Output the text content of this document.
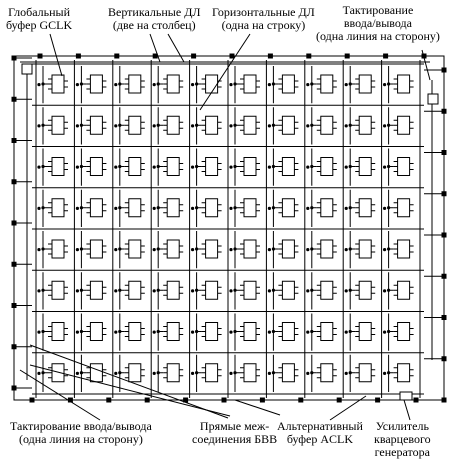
Глобальный
буфер GCLK
Вертикальные ДЛ
(две на столбец)
Горизонтальные ДЛ
(одна на строку)
Тактирование
ввода/вывода
(одна линия на сторону)
Тактирование ввода/вывода
(одна линия на сторону)
Прямые меж-
соединения БВВ
Альтернативный
буфер ACLK
Усилитель
кварцевого
генератора
